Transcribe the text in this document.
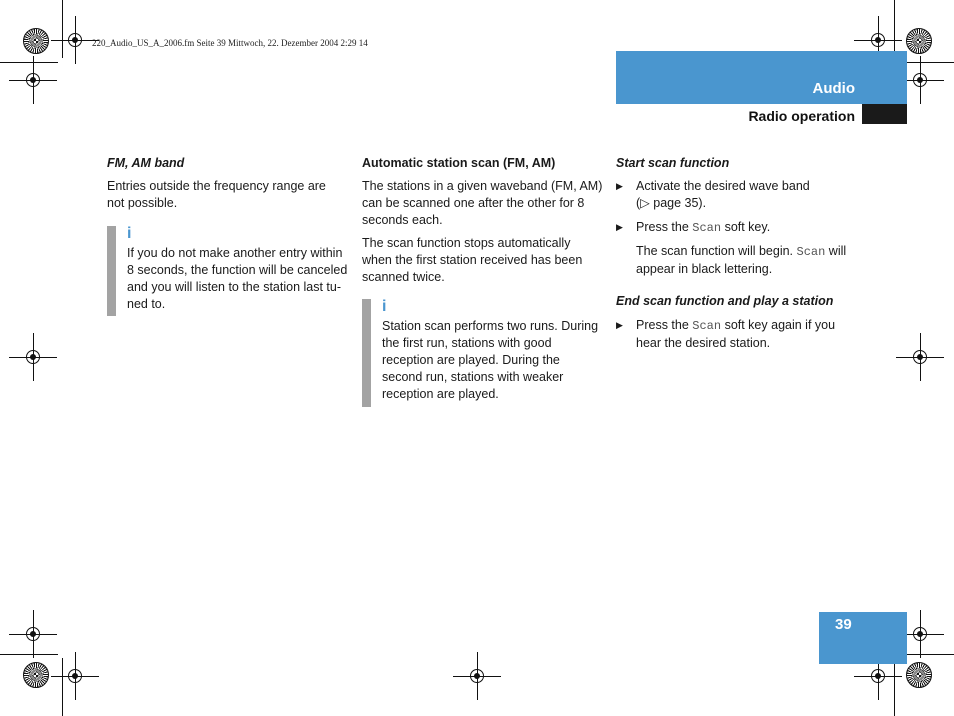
220_Audio_US_A_2006.fm Seite 39 Mittwoch, 22. Dezember 2004 2:29 14
Audio
Radio operation

FM, AM band

Entries outside the frequency range are

not possible.

i
If you do not make another entry within
8 seconds, the function will be canceled
and you will listen to the station last tu-
ned to.

Automatic station scan (FM, AM)

The stations in a given waveband (FM, AM)

can be scanned one after the other for 8

seconds each.

The scan function stops automatically

when the first station received has been

scanned twice.

i
Station scan performs two runs. During
the first run, stations with good
reception are played. During the
second run, stations with weaker
reception are played.

Start scan function

▶ Activate the desired wave band
(▷ page 35).
▶ Press the Scan soft key.
The scan function will begin. Scan will
appear in black lettering.

End scan function and play a station

▶ Press the Scan soft key again if you
hear the desired station.
39
